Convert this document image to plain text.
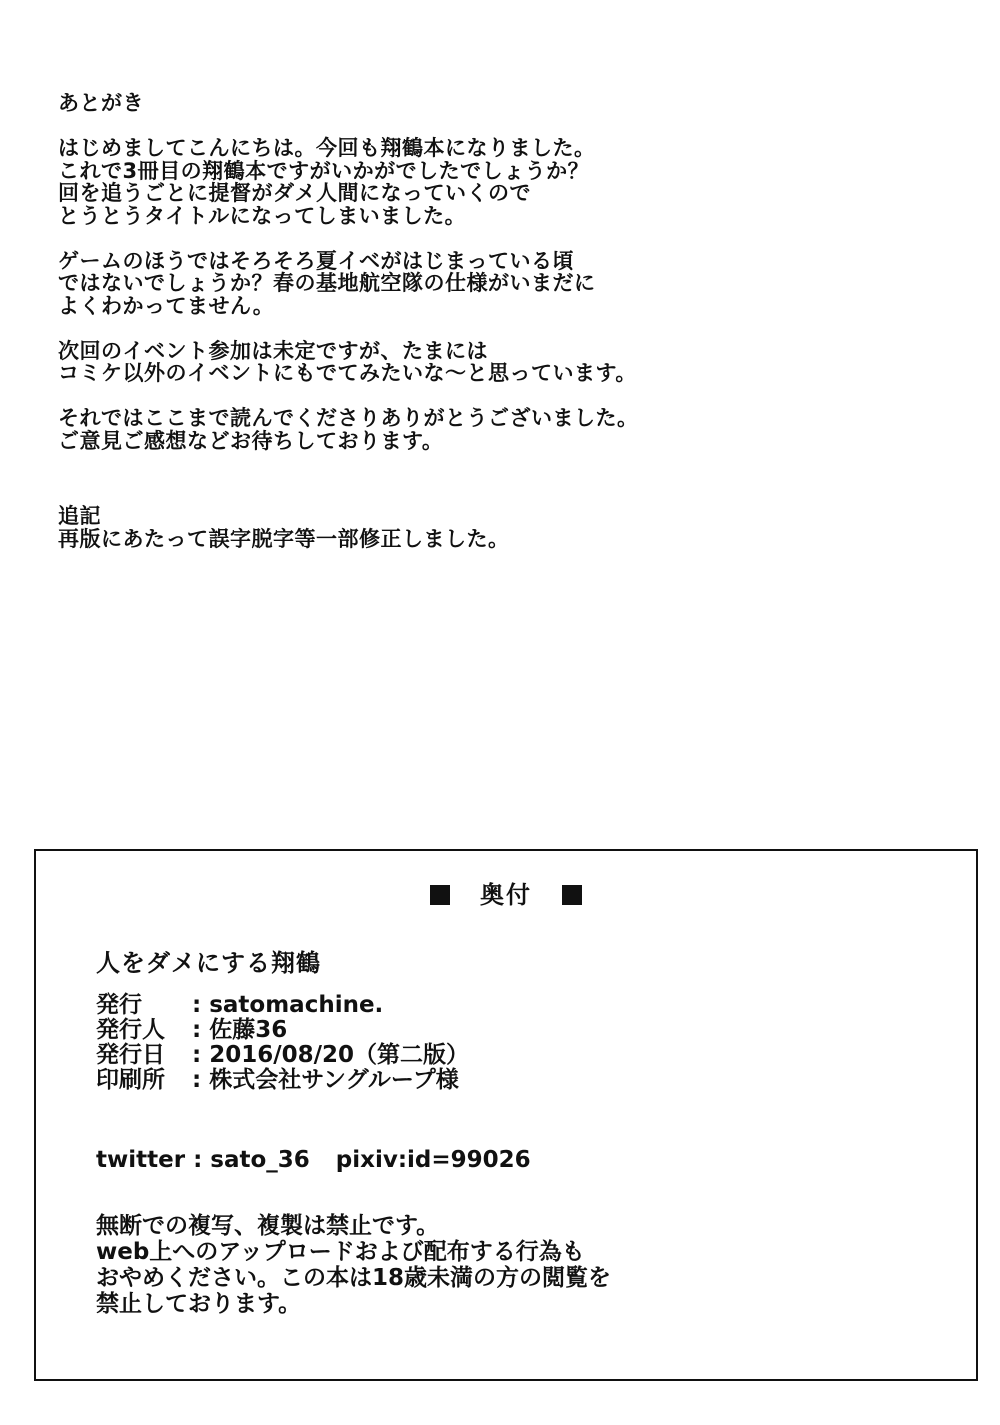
あとがき
はじめましてこんにちは。今回も翔鶴本になりました。
これで3冊目の翔鶴本ですがいかがでしたでしょうか？
回を追うごとに提督がダメ人間になっていくので
とうとうタイトルになってしまいました。
ゲームのほうではそろそろ夏イベがはじまっている頃
ではないでしょうか？春の基地航空隊の仕様がいまだに
よくわかってません。
次回のイベント参加は未定ですが、たまには
コミケ以外のイベントにもでてみたいな〜と思っています。
それではここまで読んでくださりありがとうございました。
ご意見ご感想などお待ちしております。
追記
再版にあたって誤字脱字等一部修正しました。
奥付
人をダメにする翔鶴
発行 : satomachine.
発行人 : 佐藤36
発行日 : 2016/08/20（第二版）
印刷所 : 株式会社サングループ様
twitter : sato_36 pixiv:id=99026
無断での複写、複製は禁止です。
web上へのアップロードおよび配布する行為も
おやめください。この本は18歳未満の方の閲覧を
禁止しております。
